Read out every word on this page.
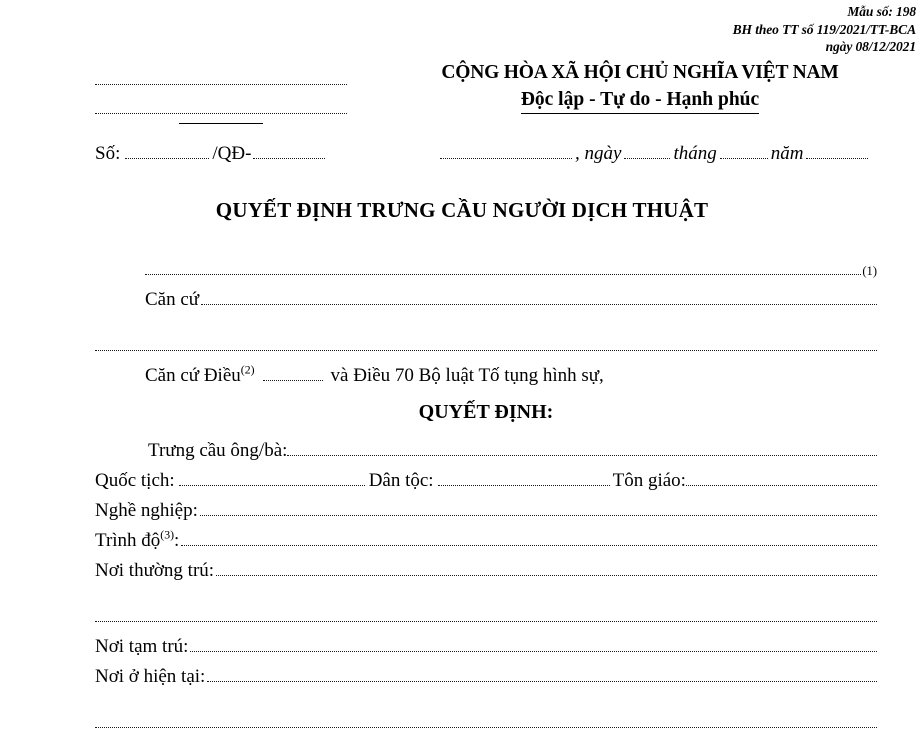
Mẫu số: 198
BH theo TT số 119/2021/TT-BCA
ngày 08/12/2021
CỘNG HÒA XÃ HỘI CHỦ NGHĨA VIỆT NAM
Độc lập - Tự do - Hạnh phúc
Số:	/QĐ-	, ngày	tháng	năm
QUYẾT ĐỊNH TRƯNG CẦU NGƯỜI DỊCH THUẬT
(1)
Căn cứ
Căn cứ Điều$^{(2)}$	và Điều 70 Bộ luật Tố tụng hình sự,
QUYẾT ĐỊNH:
Trưng cầu ông/bà:
Quốc tịch:	Dân tộc:	Tôn giáo:
Nghề nghiệp:
Trình độ$^{(3)}$:
Nơi thường trú:
Nơi tạm trú:
Nơi ở hiện tại:
